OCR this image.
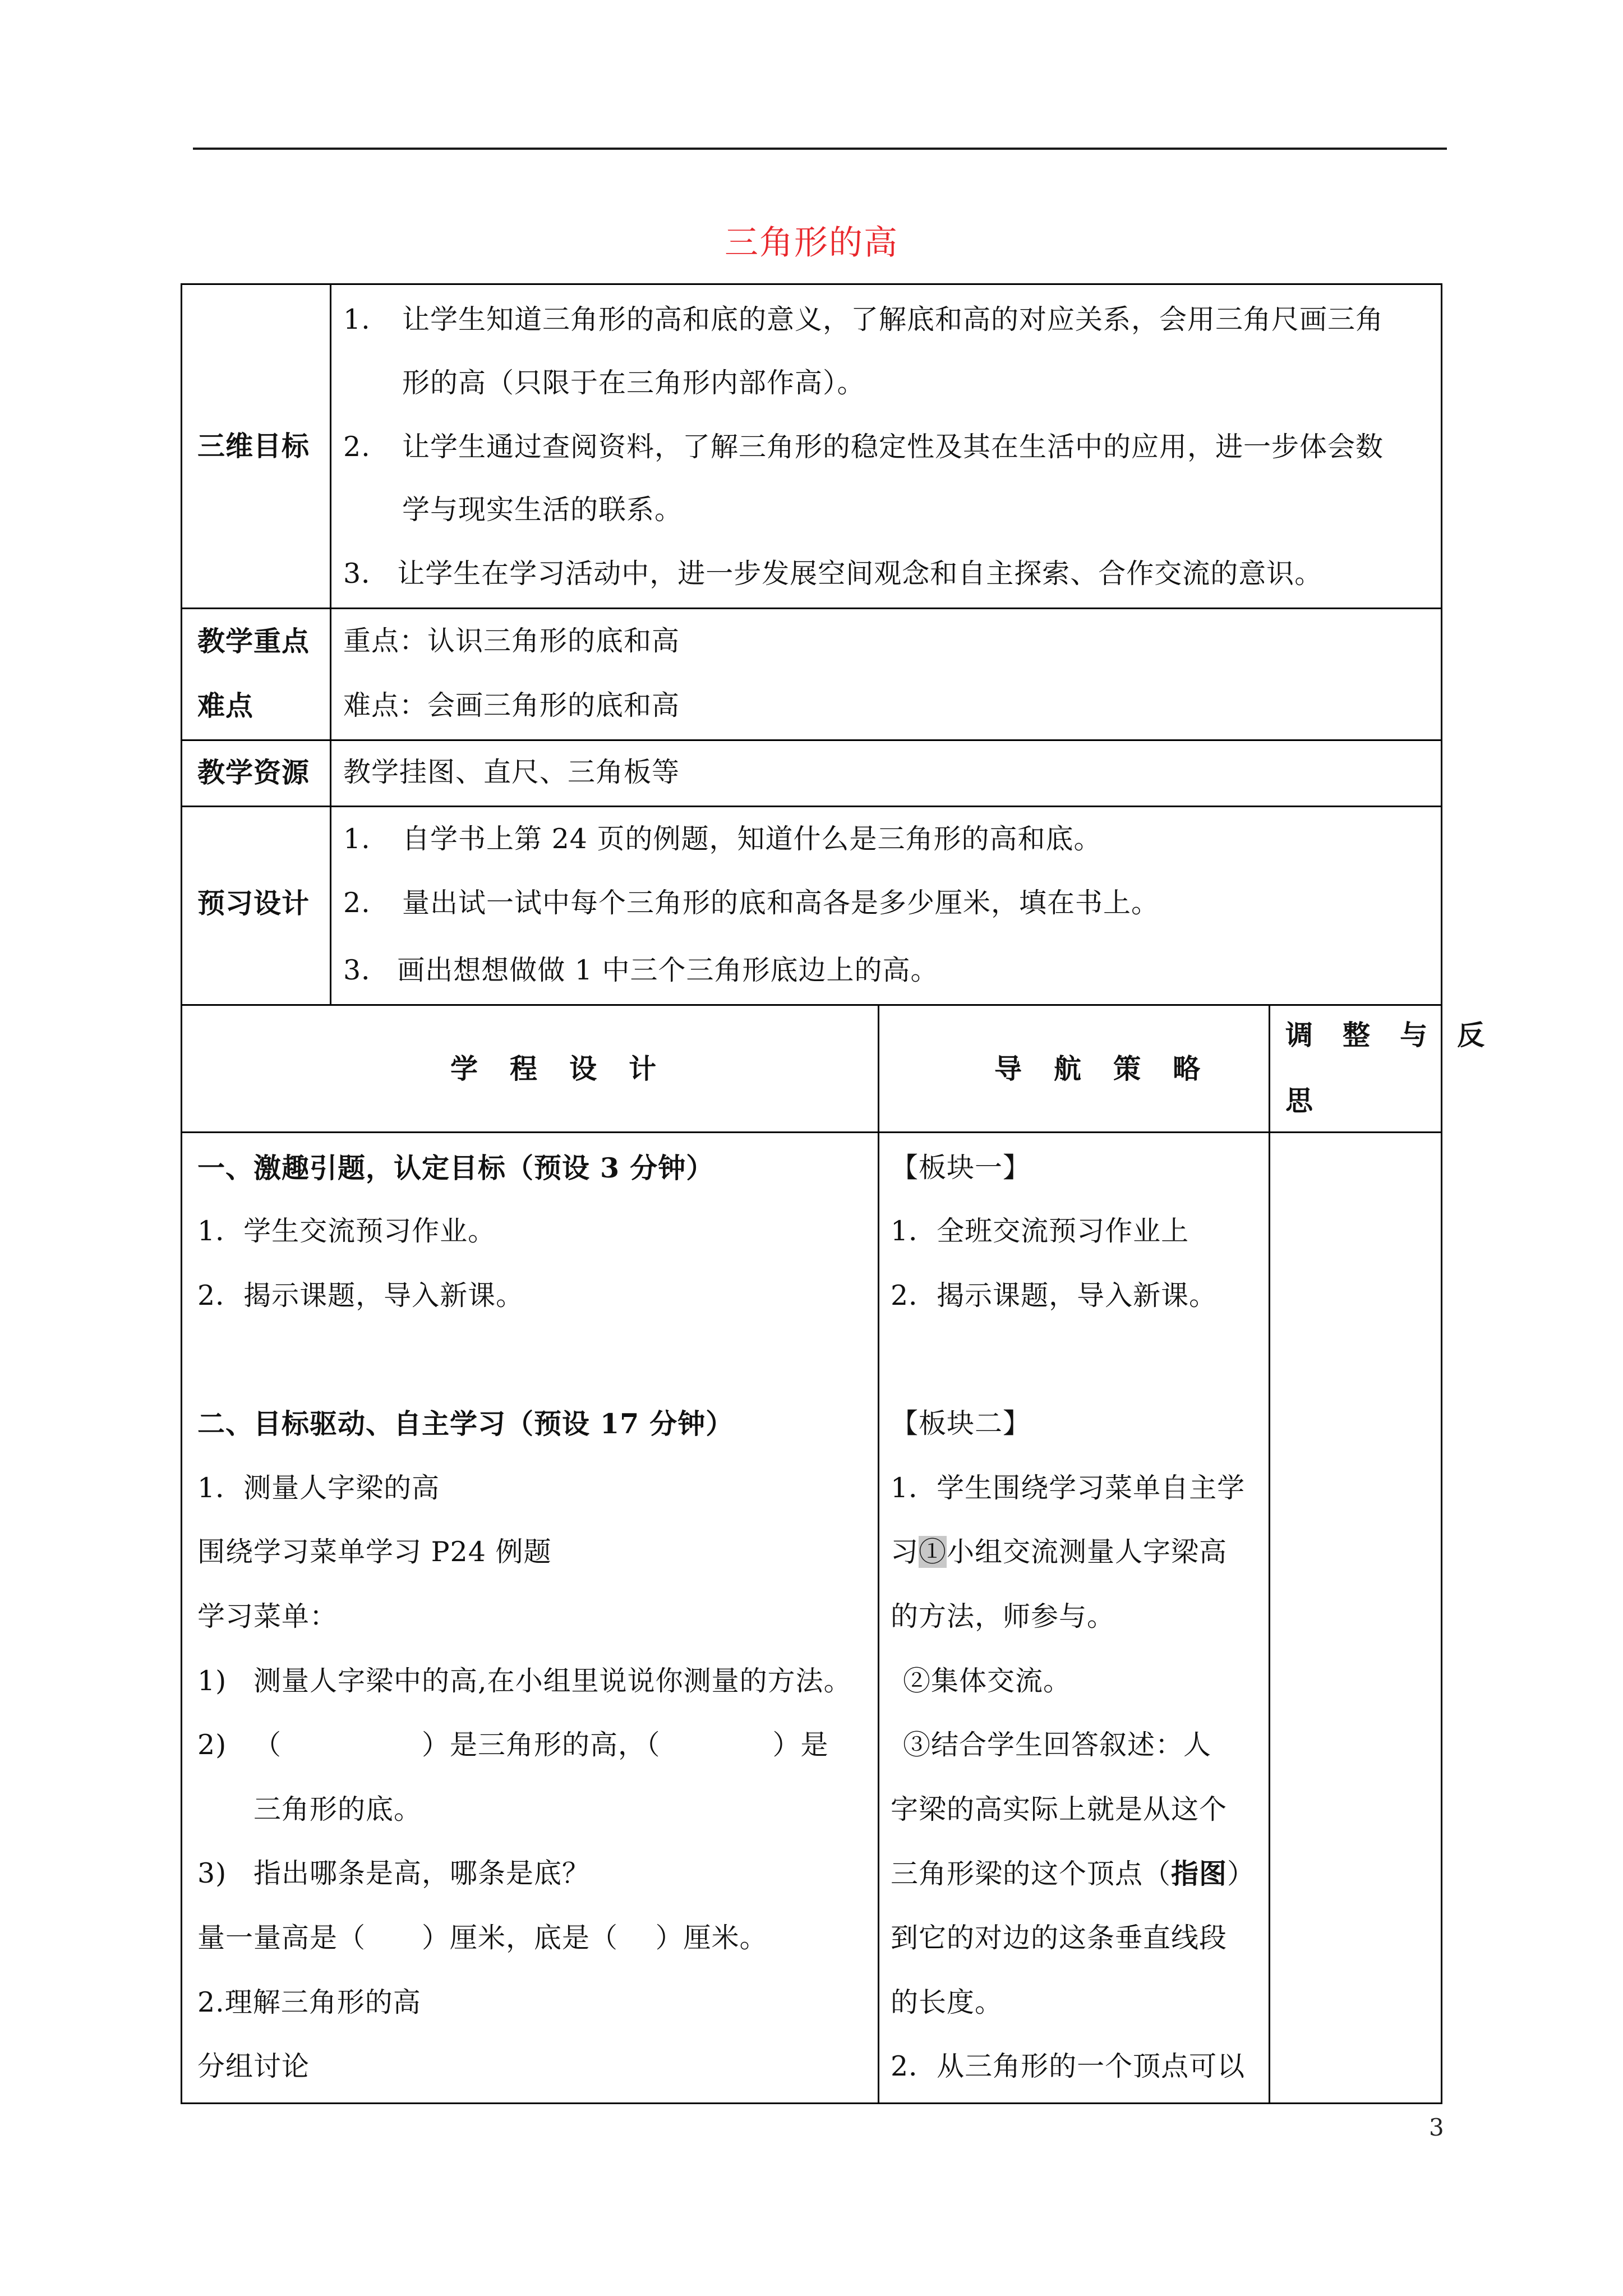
三角形的高
三维目标
1. 让学生知道三角形的高和底的意义，了解底和高的对应关系，会用三角尺画三角
形的高（只限于在三角形内部作高）。
2. 让学生通过查阅资料，了解三角形的稳定性及其在生活中的应用，进一步体会数
学与现实生活的联系。
3． 让学生在学习活动中，进一步发展空间观念和自主探索、合作交流的意识。
教学重点
难点
重点：认识三角形的底和高
难点：会画三角形的底和高
教学资源 教学挂图、直尺、三角板等
预习设计
1. 自学书上第 24 页的例题，知道什么是三角形的高和底。
2. 量出试一试中每个三角形的底和高各是多少厘米，填在书上。
3． 画出想想做做 1 中三个三角形底边上的高。
学 程 设 计	导 航 策 略
调 整 与 反
思
一、激趣引题，认定目标（预设 3 分钟）
1．学生交流预习作业。
2．揭示课题，导入新课。
二、目标驱动、自主学习（预设 17 分钟）
1．测量人字梁的高
围绕学习菜单学习 P24 例题
学习菜单：
1) 测量人字梁中的高,在小组里说说你测量的方法。
2) （　　　　　）是三角形的高，（　　　　）是
三角形的底。
3) 指出哪条是高，哪条是底？
量一量高是（　　）厘米，底是（　 ）厘米。
2.理解三角形的高
分组讨论
【板块一】
1．全班交流预习作业上
2．揭示课题，导入新课。
【板块二】
1．学生围绕学习菜单自主学
习①小组交流测量人字梁高
的方法，师参与。
②集体交流。
③结合学生回答叙述：人
字梁的高实际上就是从这个
三角形梁的这个顶点（指图）
到它的对边的这条垂直线段
的长度。
2．从三角形的一个顶点可以
3
